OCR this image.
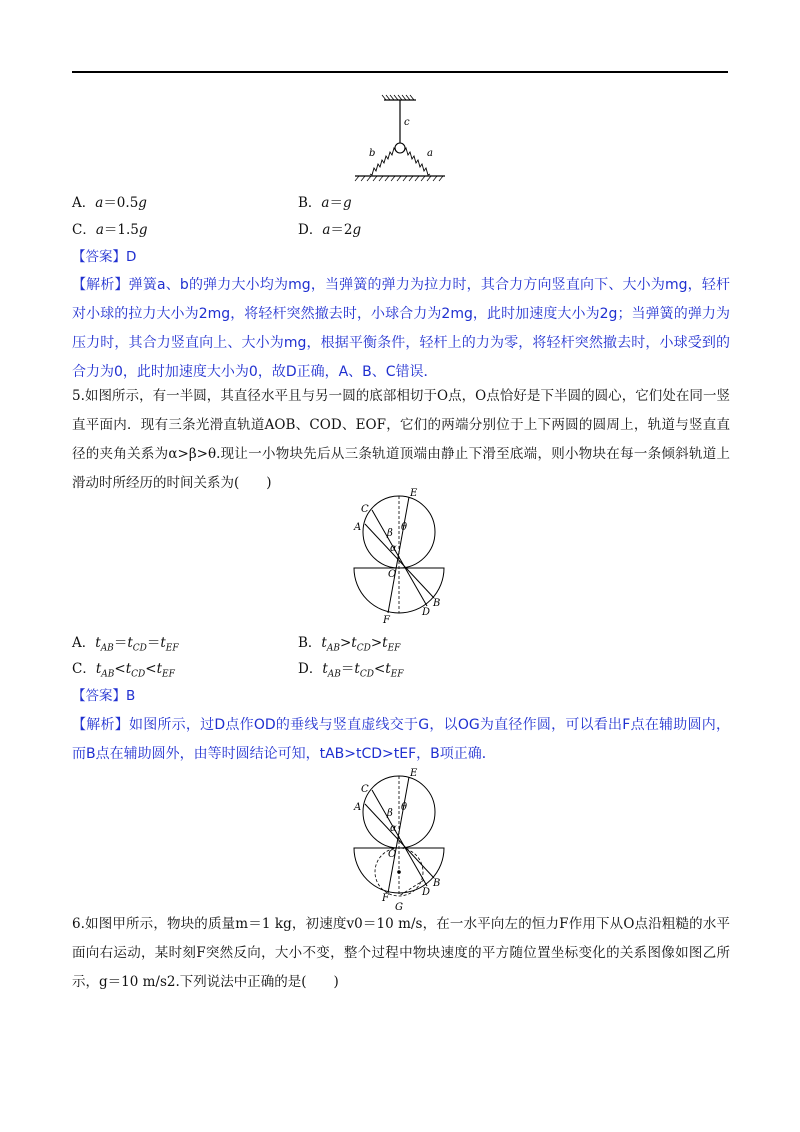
c
b	a
A．a＝0.5g	B．a＝g
C．a＝1.5g	D．a＝2g
【答案】D
【解析】弹簧a、b的弹力大小均为mg，当弹簧的弹力为拉力时，其合力方向竖直向下、大小为mg，轻杆对小球的拉力大小为2mg，将轻杆突然撤去时，小球合力为2mg，此时加速度大小为2g；当弹簧的弹力为压力时，其合力竖直向上、大小为mg，根据平衡条件，轻杆上的力为零，将轻杆突然撤去时，小球受到的合力为0，此时加速度大小为0，故D正确，A、B、C错误．
5.如图所示，有一半圆，其直径水平且与另一圆的底部相切于O点，O点恰好是下半圆的圆心，它们处在同一竖直平面内．现有三条光滑直轨道AOB、COD、EOF，它们的两端分别位于上下两圆的圆周上，轨道与竖直直径的夹角关系为α>β>θ.现让一小物块先后从三条轨道顶端由静止下滑至底端，则小物块在每一条倾斜轨道上滑动时所经历的时间关系为(　　)
E
C
A	θ
β
α
O
B
D
F
A．$t_{AB}=t_{CD}=t_{EF}$	B．$t_{AB}>t_{CD}>t_{EF}$
C．$t_{AB}<t_{CD}<t_{EF}$	D．$t_{AB}=t_{CD}<t_{EF}$
【答案】B
【解析】如图所示，过D点作OD的垂线与竖直虚线交于G，以OG为直径作圆，可以看出F点在辅助圆内，而B点在辅助圆外，由等时圆结论可知，tAB>tCD>tEF，B项正确．
E
C
A	θ
β
α
O
B
D
F
G
6.如图甲所示，物块的质量m＝1 kg，初速度v0＝10 m/s，在一水平向左的恒力F作用下从O点沿粗糙的水平面向右运动，某时刻F突然反向，大小不变，整个过程中物块速度的平方随位置坐标变化的关系图像如图乙所示，g＝10 m/s2.下列说法中正确的是(　　)
